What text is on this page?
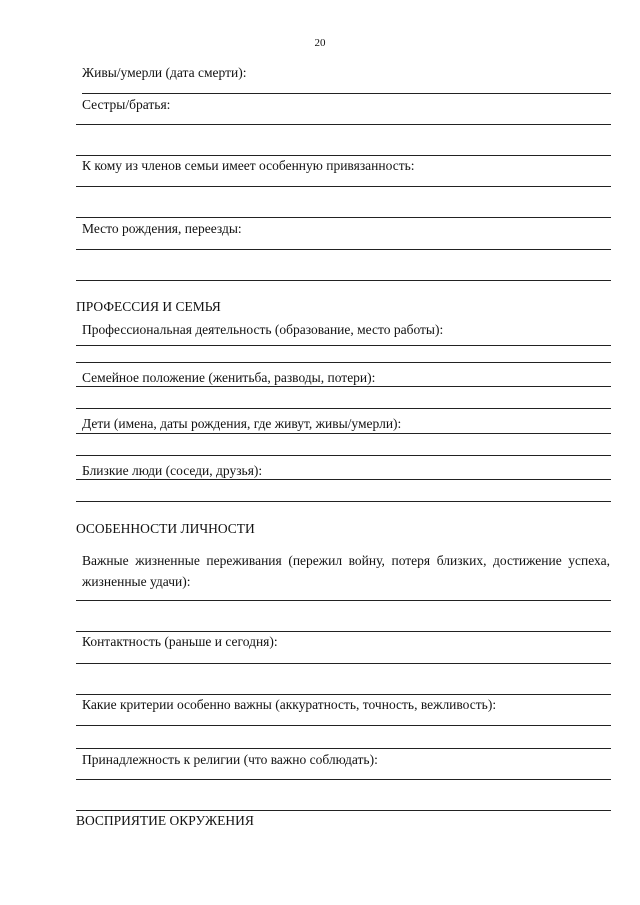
20
Живы/умерли (дата смерти):
Сестры/братья:
К кому из членов семьи имеет особенную привязанность:
Место рождения, переезды:
ПРОФЕССИЯ И СЕМЬЯ
Профессиональная деятельность (образование, место работы):
Семейное положение (женитьба, разводы, потери):
Дети (имена, даты рождения, где живут, живы/умерли):
Близкие люди (соседи, друзья):
ОСОБЕННОСТИ ЛИЧНОСТИ
Важные жизненные переживания (пережил войну, потеря близких, достижение успеха, жизненные удачи):
Контактность (раньше и сегодня):
Какие критерии особенно важны (аккуратность, точность, вежливость):
Принадлежность к религии (что важно соблюдать):
ВОСПРИЯТИЕ ОКРУЖЕНИЯ
